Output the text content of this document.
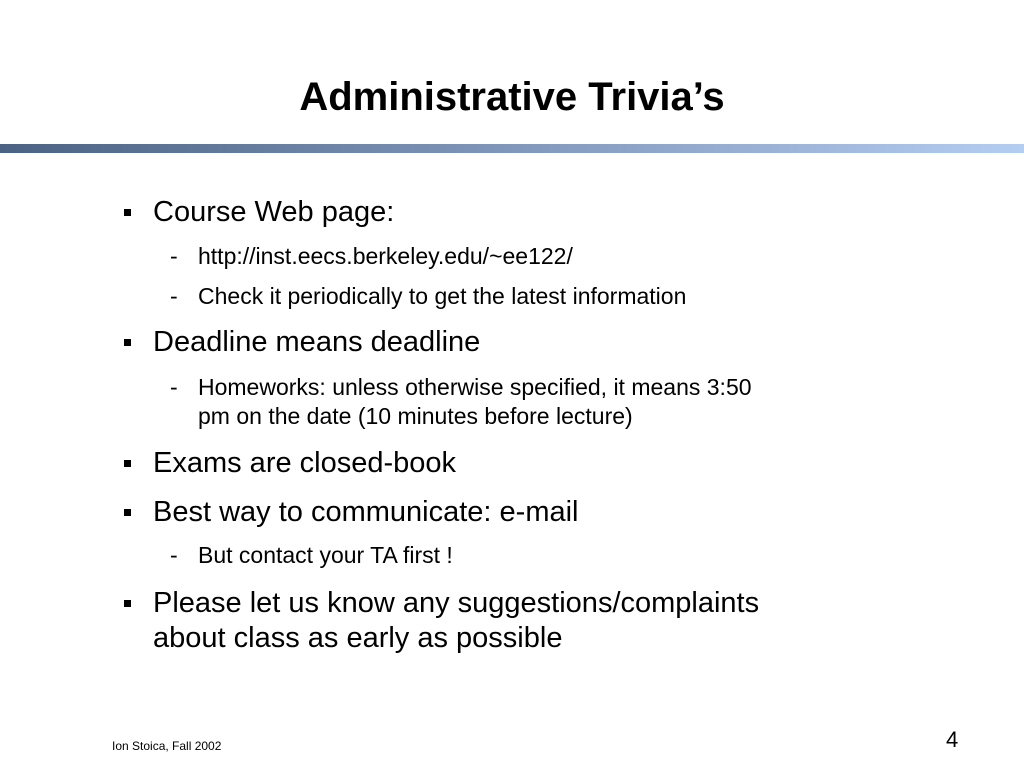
Administrative Trivia’s
Course Web page:
- http://inst.eecs.berkeley.edu/~ee122/
- Check it periodically to get the latest information
Deadline means deadline
- Homeworks: unless otherwise specified, it means 3:50
pm on the date (10 minutes before lecture)
Exams are closed-book
Best way to communicate: e-mail
- But contact your TA first !
Please let us know any suggestions/complaints
about class as early as possible
Ion Stoica, Fall 2002	4
